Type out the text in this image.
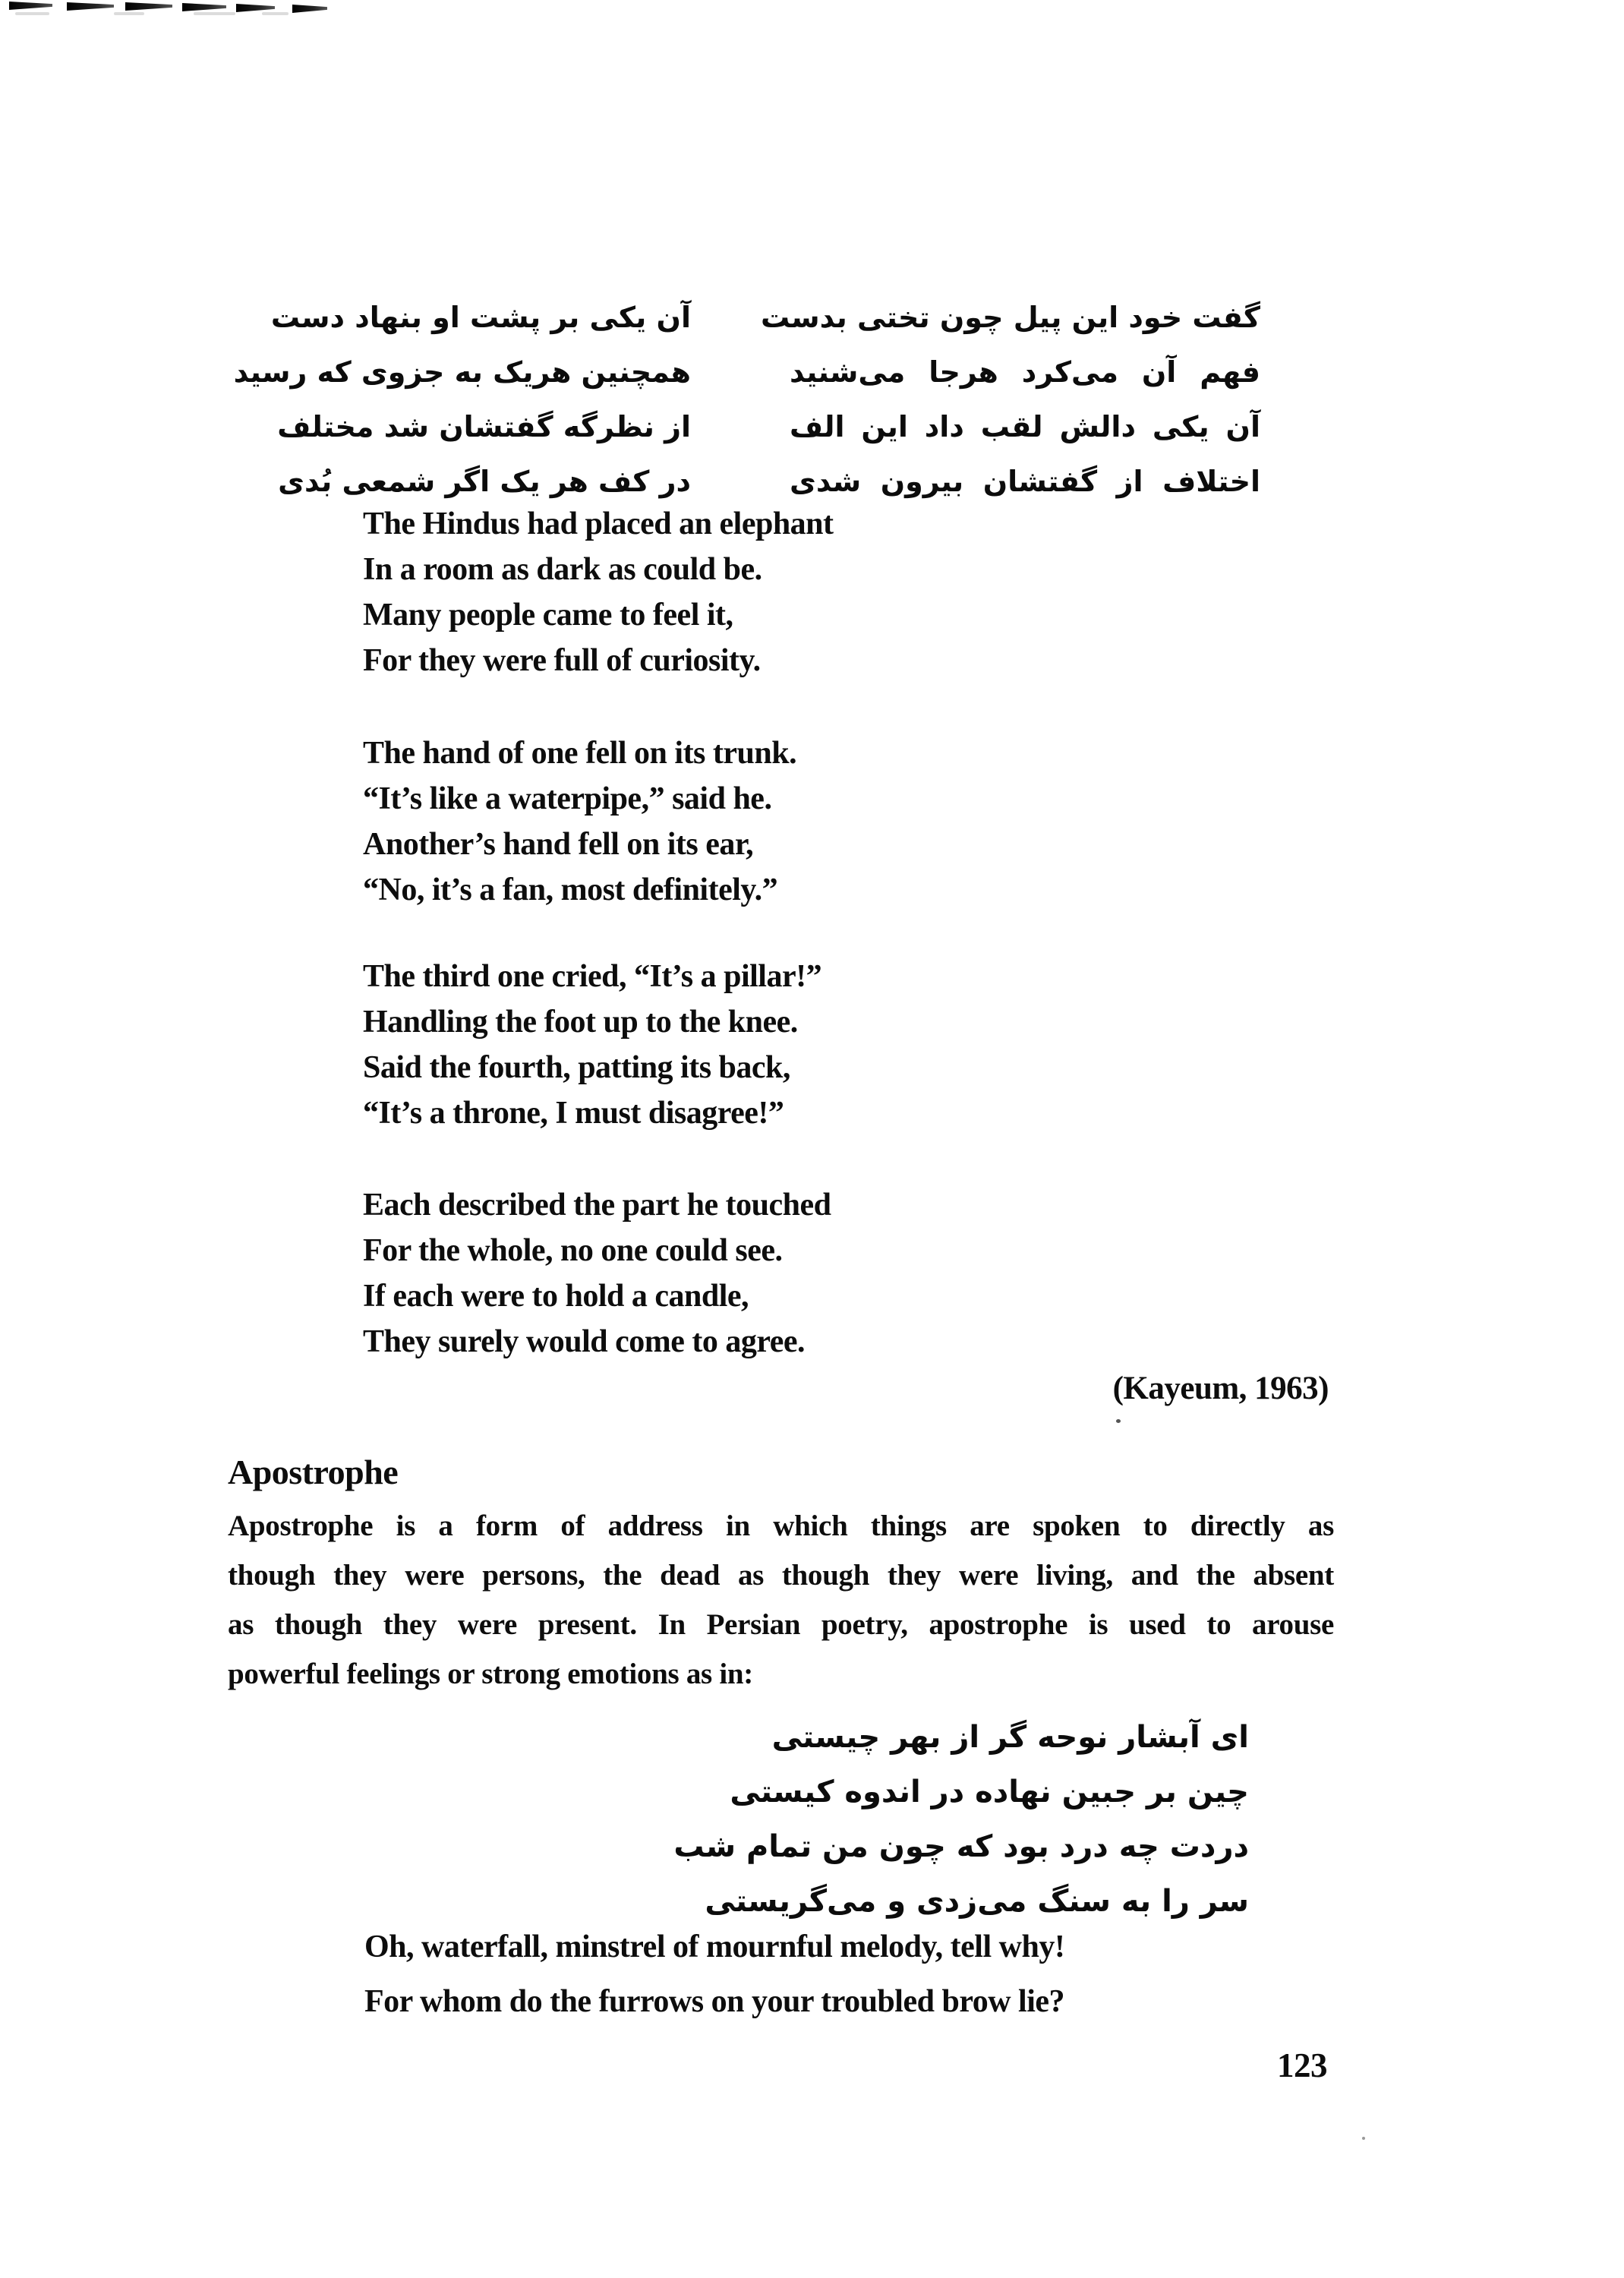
گفت خود این پیل چون تختی بدست
آن یکی بر پشت او بنهاد دست
فهم آن می‌کرد هرجا می‌شنید
همچنین هریک به جزوی که رسید
آن یکی دالش لقب داد این الف
از نظرگه گفتشان شد مختلف
اختلاف از گفتشان بیرون شدی
در کف هر یک اگر شمعی بُدی
The Hindus had placed an elephant
In a room as dark as could be.
Many people came to feel it,
For they were full of curiosity.
The hand of one fell on its trunk.
“It’s like a waterpipe,” said he.
Another’s hand fell on its ear,
“No, it’s a fan, most definitely.”
The third one cried, “It’s a pillar!”
Handling the foot up to the knee.
Said the fourth, patting its back,
“It’s a throne, I must disagree!”
Each described the part he touched
For the whole, no one could see.
If each were to hold a candle,
They surely would come to agree.
(Kayeum, 1963)
Apostrophe
Apostrophe is a form of address in which things are spoken to directly as
though they were persons, the dead as though they were living, and the absent
as though they were present. In Persian poetry, apostrophe is used to arouse
powerful feelings or strong emotions as in:
ای آبشار نوحه گر از بهر چیستی
چین بر جبین نهاده در اندوه کیستی
دردت چه درد بود که چون من تمام شب
سر را به سنگ می‌زدی و می‌گریستی
Oh, waterfall, minstrel of mournful melody, tell why!
For whom do the furrows on your troubled brow lie?
123
